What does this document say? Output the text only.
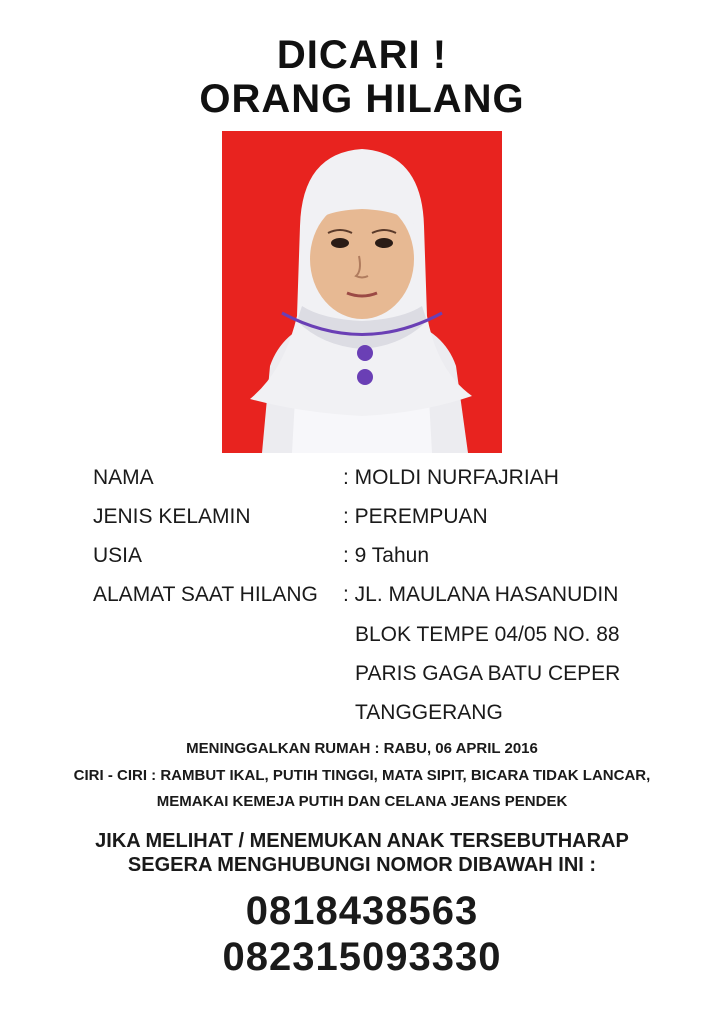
DICARI !
ORANG HILANG
NAMA	: MOLDI NURFAJRIAH
JENIS KELAMIN	: PEREMPUAN
USIA	: 9 Tahun
ALAMAT SAAT HILANG : JL. MAULANA HASANUDIN
BLOK TEMPE 04/05 NO. 88
PARIS GAGA BATU CEPER
TANGGERANG
MENINGGALKAN RUMAH : RABU, 06 APRIL 2016
CIRI - CIRI : RAMBUT IKAL, PUTIH TINGGI, MATA SIPIT, BICARA TIDAK LANCAR,
MEMAKAI KEMEJA PUTIH DAN CELANA JEANS PENDEK
JIKA MELIHAT / MENEMUKAN ANAK TERSEBUTHARAP
SEGERA MENGHUBUNGI NOMOR DIBAWAH INI :
0818438563
082315093330
